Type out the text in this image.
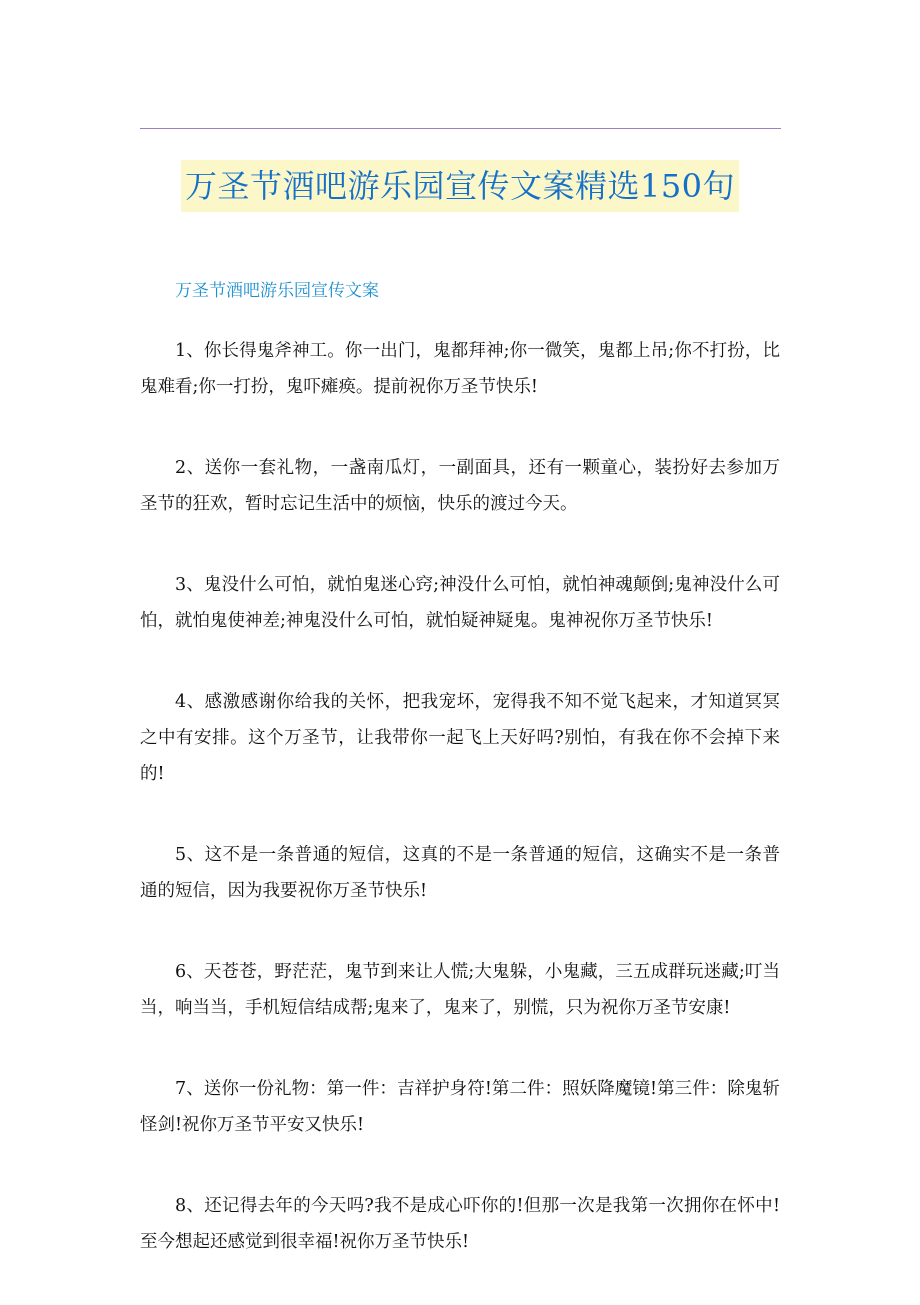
万圣节酒吧游乐园宣传文案精选150句
万圣节酒吧游乐园宣传文案

1、你长得鬼斧神工。你一出门，鬼都拜神;你一微笑，鬼都上吊;你不打扮，比鬼难看;你一打扮，鬼吓瘫痪。提前祝你万圣节快乐!

2、送你一套礼物，一盏南瓜灯，一副面具，还有一颗童心，装扮好去参加万圣节的狂欢，暂时忘记生活中的烦恼，快乐的渡过今天。

3、鬼没什么可怕，就怕鬼迷心窍;神没什么可怕，就怕神魂颠倒;鬼神没什么可怕，就怕鬼使神差;神鬼没什么可怕，就怕疑神疑鬼。鬼神祝你万圣节快乐!

4、感激感谢你给我的关怀，把我宠坏，宠得我不知不觉飞起来，才知道冥冥之中有安排。这个万圣节，让我带你一起飞上天好吗?别怕，有我在你不会掉下来的!

5、这不是一条普通的短信，这真的不是一条普通的短信，这确实不是一条普通的短信，因为我要祝你万圣节快乐!

6、天苍苍，野茫茫，鬼节到来让人慌;大鬼躲，小鬼藏，三五成群玩迷藏;叮当当，响当当，手机短信结成帮;鬼来了，鬼来了，别慌，只为祝你万圣节安康!

7、送你一份礼物：第一件：吉祥护身符!第二件：照妖降魔镜!第三件：除鬼斩怪剑!祝你万圣节平安又快乐!

8、还记得去年的今天吗?我不是成心吓你的!但那一次是我第一次拥你在怀中!至今想起还感觉到很幸福!祝你万圣节快乐!
